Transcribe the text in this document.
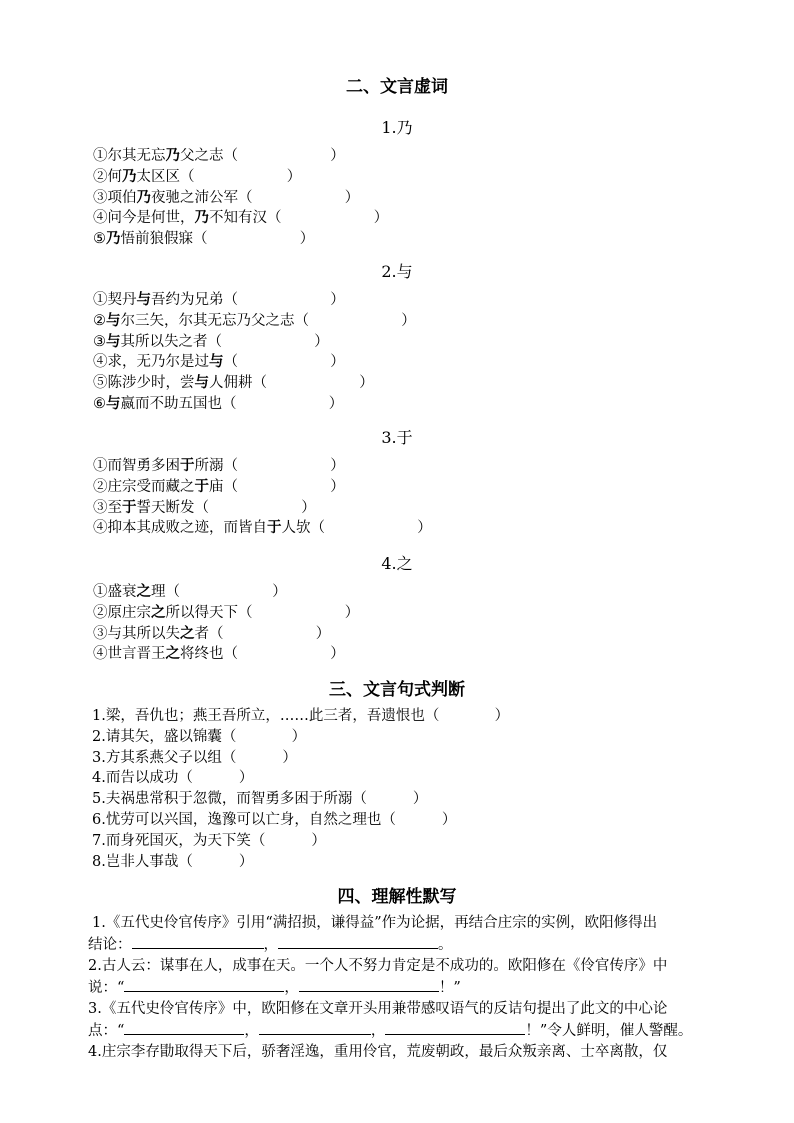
二、文言虚词
1.乃
①尔其无忘乃父之志（	）
②何乃太区区（	）
③项伯乃夜驰之沛公军（	）
④问今是何世，乃不知有汉（	）
⑤乃悟前狼假寐（	）
2.与
①契丹与吾约为兄弟（	）
②与尔三矢，尔其无忘乃父之志（	）
③与其所以失之者（	）
④求，无乃尔是过与（	）
⑤陈涉少时，尝与人佣耕（	）
⑥与嬴而不助五国也（	）
3.于
①而智勇多困于所溺（	）
②庄宗受而藏之于庙（	）
③至于誓天断发（	）
④抑本其成败之迹，而皆自于人欤（	）
4.之
①盛衰之理（	）
②原庄宗之所以得天下（	）
③与其所以失之者（	）
④世言晋王之将终也（	）
三、文言句式判断
1.梁，吾仇也；燕王吾所立，……此三者，吾遗恨也（            ）
2.请其矢，盛以锦囊（            ）
3.方其系燕父子以组（          ）
4.而告以成功（          ）
5.夫祸患常积于忽微，而智勇多困于所溺（          ）
6.忧劳可以兴国，逸豫可以亡身，自然之理也（          ）
7.而身死国灭，为天下笑（          ）
8.岂非人事哉（          ）
四、理解性默写
1.《五代史伶官传序》引用“满招损，谦得益”作为论据，再结合庄宗的实例，欧阳修得出
结论：	，	。
2.古人云：谋事在人，成事在天。一个人不努力肯定是不成功的。欧阳修在《伶官传序》中
说：“	，	！”
3.《五代史伶官传序》中，欧阳修在文章开头用兼带感叹语气的反诘句提出了此文的中心论
点：“	，	，	！”令人鲜明，催人警醒。
4.庄宗李存勖取得天下后，骄奢淫逸，重用伶官，荒废朝政，最后众叛亲离、士卒离散，仅
